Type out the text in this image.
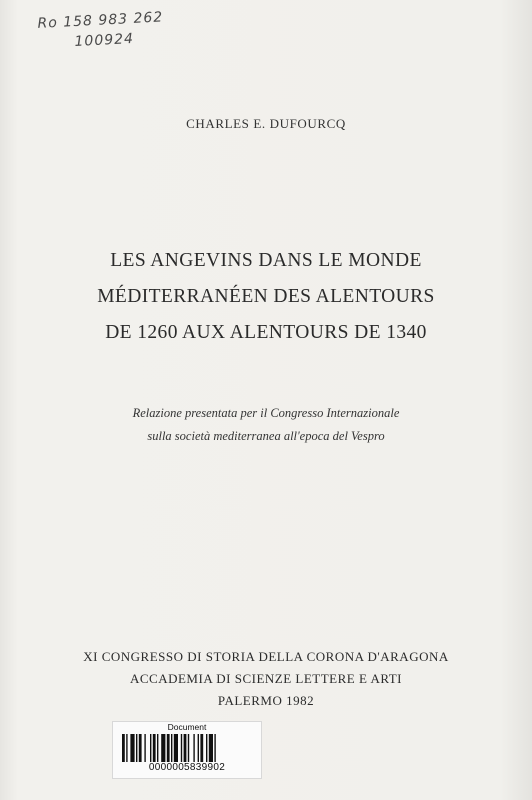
Ro 158 983 262
100924
CHARLES E. DUFOURCQ
LES ANGEVINS DANS LE MONDE
MÉDITERRANÉEN DES ALENTOURS
DE 1260 AUX ALENTOURS DE 1340
Relazione presentata per il Congresso Internazionale
sulla società mediterranea all'epoca del Vespro
XI CONGRESSO DI STORIA DELLA CORONA D'ARAGONA
ACCADEMIA DI SCIENZE LETTERE E ARTI
PALERMO 1982
Document
0000005839902
